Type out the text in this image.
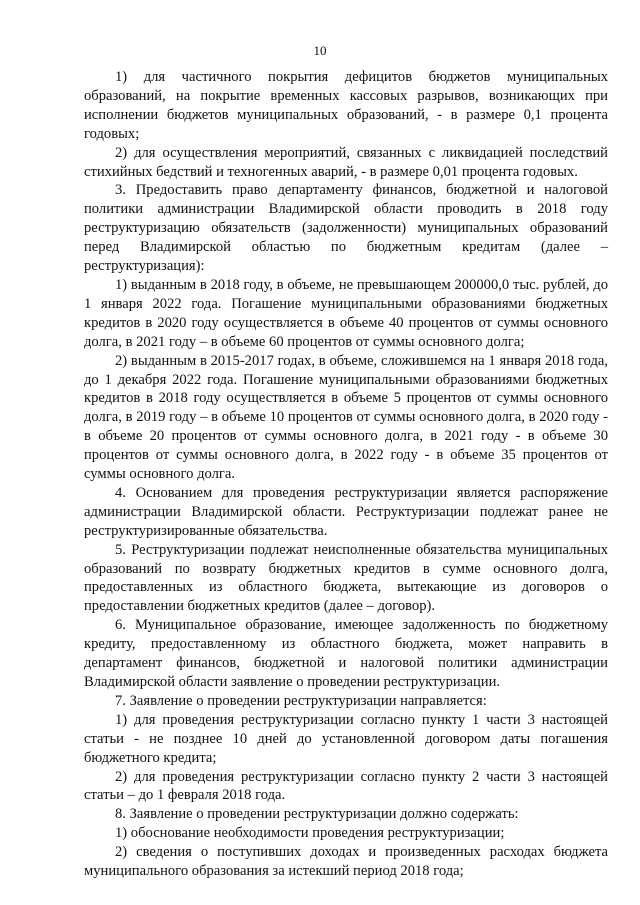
10

1) для частичного покрытия дефицитов бюджетов муниципальных образований, на покрытие временных кассовых разрывов, возникающих при исполнении бюджетов муниципальных образований, - в размере 0,1 процента годовых;

2) для осуществления мероприятий, связанных с ликвидацией последствий стихийных бедствий и техногенных аварий, - в размере 0,01 процента годовых.

3. Предоставить право департаменту финансов, бюджетной и налоговой политики администрации Владимирской области проводить в 2018 году реструктуризацию обязательств (задолженности) муниципальных образований перед Владимирской областью по бюджетным кредитам (далее – реструктуризация):

1) выданным в 2018 году, в объеме, не превышающем 200000,0 тыс. рублей, до 1 января 2022 года. Погашение муниципальными образованиями бюджетных кредитов в 2020 году осуществляется в объеме 40 процентов от суммы основного долга, в 2021 году – в объеме 60 процентов от суммы основного долга;

2) выданным в 2015-2017 годах, в объеме, сложившемся на 1 января 2018 года, до 1 декабря 2022 года. Погашение муниципальными образованиями бюджетных кредитов в 2018 году осуществляется в объеме 5 процентов от суммы основного долга, в 2019 году – в объеме 10 процентов от суммы основного долга, в 2020 году - в объеме 20 процентов от суммы основного долга, в 2021 году - в объеме 30 процентов от суммы основного долга, в 2022 году - в объеме 35 процентов от суммы основного долга.

4. Основанием для проведения реструктуризации является распоряжение администрации Владимирской области. Реструктуризации подлежат ранее не реструктуризированные обязательства.

5. Реструктуризации подлежат неисполненные обязательства муниципальных образований по возврату бюджетных кредитов в сумме основного долга, предоставленных из областного бюджета, вытекающие из договоров о предоставлении бюджетных кредитов (далее – договор).

6. Муниципальное образование, имеющее задолженность по бюджетному кредиту, предоставленному из областного бюджета, может направить в департамент финансов, бюджетной и налоговой политики администрации Владимирской области заявление о проведении реструктуризации.

7. Заявление о проведении реструктуризации направляется:

1) для проведения реструктуризации согласно пункту 1 части 3 настоящей статьи - не позднее 10 дней до установленной договором даты погашения бюджетного кредита;

2) для проведения реструктуризации согласно пункту 2 части 3 настоящей статьи – до 1 февраля 2018 года.

8. Заявление о проведении реструктуризации должно содержать:

1) обоснование необходимости проведения реструктуризации;

2) сведения о поступивших доходах и произведенных расходах бюджета муниципального образования за истекший период 2018 года;
